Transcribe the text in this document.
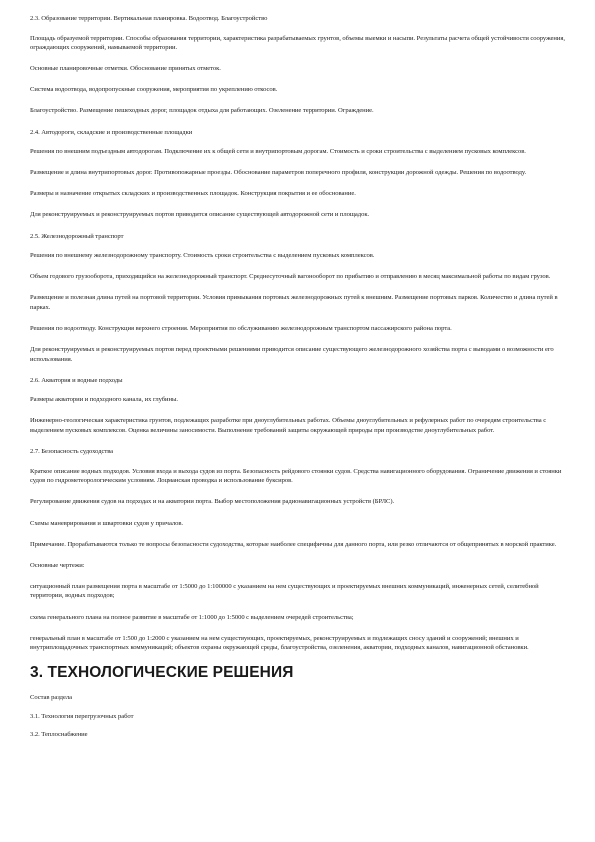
2.3. Образование территории. Вертикальная планировка. Водоотвод. Благоустройство

Площадь образуемой территории. Способы образования территории, характеристика разрабатываемых грунтов, объемы выемки и насыпи. Результаты расчета общей устойчивости сооружения, ограждающих сооружений, намываемой территории.

Основные планировочные отметки. Обоснование принятых отметок.

Система водоотвода, водопропускные сооружения, мероприятия по укреплению откосов.

Благоустройство. Размещение пешеходных дорог, площадок отдыха для работающих. Озеленение территории. Ограждение.

2.4. Автодороги, складские и производственные площадки

Решения по внешним подъездным автодорогам. Подключение их к общей сети и внутрипортовым дорогам. Стоимость и сроки строительства с выделением пусковых комплексов.

Размещение и длина внутрипортовых дорог. Противопожарные проезды. Обоснование параметров поперечного профиля, конструкции дорожной одежды. Решения по водоотводу.

Размеры и назначение открытых складских и производственных площадок. Конструкция покрытия и ее обоснование.

Для реконструируемых и реконструируемых портов приводится описание существующей автодорожной сети и площадок.

2.5. Железнодорожный транспорт

Решения по внешнему железнодорожному транспорту. Стоимость сроки строительства с выделением пусковых комплексов.

Объем годового грузооборота, приходящийся на железнодорожный транспорт. Среднесуточный вагонооборот по прибытию и отправлению в месяц максимальной работы по видам грузов.

Размещение и полезная длина путей на портовой территории. Условия примыкания портовых железнодорожных путей к внешним. Размещение портовых парков. Количество и длина путей в парках.

Решения по водоотводу. Конструкция верхнего строения. Мероприятия по обслуживанию железнодорожным транспортом пассажирского района порта.

Для реконструируемых и реконструируемых портов перед проектными решениями приводится описание существующего железнодорожного хозяйства порта с выводами о возможности его использования.

2.6. Акватория и водные подходы

Размеры акватории и подходного канала, их глубины.

Инженерно-геологическая характеристика грунтов, подлежащих разработке при дноуглубительных работах. Объемы дноуглубительных и рефулерных работ по очередям строительства с выделением пусковых комплексов. Оценка величины заносимости. Выполнение требований защиты окружающей природы при производстве дноуглубительных работ.

2.7. Безопасность судоходства

Краткое описание водных подходов. Условия входа и выхода судов из порта. Безопасность рейдового стоянки судов. Средства навигационного оборудования. Ограничение движения и стоянки судов по гидрометеорологическим условиям. Лоцманская проводка и использование буксиров.

Регулирование движения судов на подходах и на акватории порта. Выбор местоположения радионавигационных устройств (БРЛС).

Схемы маневрирования и швартовки судов у причалов.

Примечание. Прорабатываются только те вопросы безопасности судоходства, которые наиболее специфичны для данного порта, или резко отличаются от общепринятых в морской практике.

Основные чертежи:

ситуационный план размещения порта в масштабе от 1:5000 до 1:100000 с указанием на нем существующих и проектируемых внешних коммуникаций, инженерных сетей, селитебной территории, водных подходов;

схема генерального плана на полное развитие в масштабе от 1:1000 до 1:5000 с выделением очередей строительства;

генеральный план в масштабе от 1:500 до 1:2000 с указанием на нем существующих, проектируемых, реконструируемых и подлежащих сносу зданий и сооружений; внешних и внутриплощадочных транспортных коммуникаций; объектов охраны окружающей среды, благоустройства, озеленения, акватории, подходных каналов, навигационной обстановки.

3. ТЕХНОЛОГИЧЕСКИЕ РЕШЕНИЯ

Состав раздела

3.1. Технология перегрузочных работ

3.2. Теплоснабжение
